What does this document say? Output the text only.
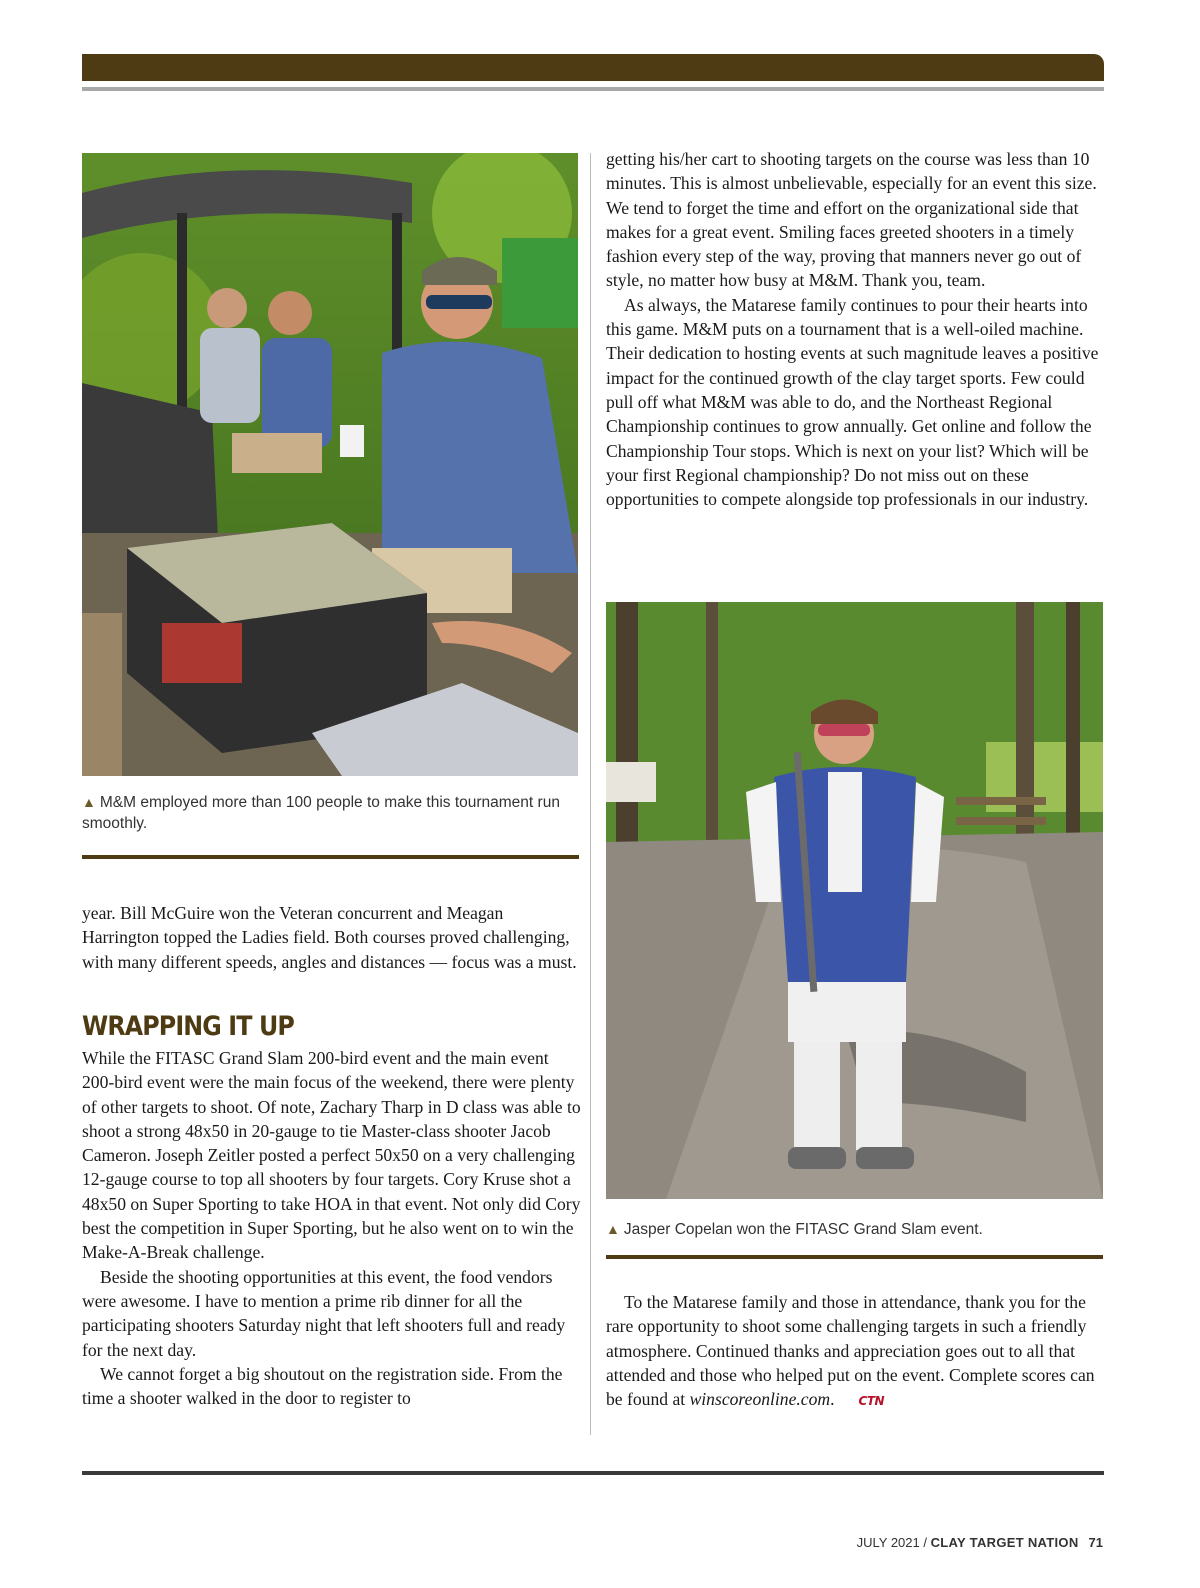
▲ M&M employed more than 100 people to make this tournament run smoothly.

getting his/her cart to shooting targets on the course was less than 10 minutes. This is almost unbelievable, especially for an event this size. We tend to forget the time and effort on the organizational side that makes for a great event. Smiling faces greeted shooters in a timely fashion every step of the way, proving that manners never go out of style, no matter how busy at M&M. Thank you, team.

As always, the Matarese family continues to pour their hearts into this game. M&M puts on a tournament that is a well-oiled machine. Their dedication to hosting events at such magnitude leaves a positive impact for the continued growth of the clay target sports. Few could pull off what M&M was able to do, and the Northeast Regional Championship continues to grow annually. Get online and follow the Championship Tour stops. Which is next on your list? Which will be your first Regional championship? Do not miss out on these opportunities to compete alongside top professionals in our industry.

▲ Jasper Copelan won the FITASC Grand Slam event.

year. Bill McGuire won the Veteran concurrent and Meagan Harrington topped the Ladies field. Both courses proved challenging, with many different speeds, angles and distances — focus was a must.

WRAPPING IT UP

While the FITASC Grand Slam 200-bird event and the main event 200-bird event were the main focus of the weekend, there were plenty of other targets to shoot. Of note, Zachary Tharp in D class was able to shoot a strong 48x50 in 20-gauge to tie Master-class shooter Jacob Cameron. Joseph Zeitler posted a perfect 50x50 on a very challenging 12-gauge course to top all shooters by four targets. Cory Kruse shot a 48x50 on Super Sporting to take HOA in that event. Not only did Cory best the competition in Super Sporting, but he also went on to win the Make-A-Break challenge.

Beside the shooting opportunities at this event, the food vendors were awesome. I have to mention a prime rib dinner for all the participating shooters Saturday night that left shooters full and ready for the next day.

We cannot forget a big shoutout on the registration side. From the time a shooter walked in the door to register to

To the Matarese family and those in attendance, thank you for the rare opportunity to shoot some challenging targets in such a friendly atmosphere. Continued thanks and appreciation goes out to all that attended and those who helped put on the event. Complete scores can be found at winscoreonline.com. CTN

JULY 2021 / CLAY TARGET NATION 71
